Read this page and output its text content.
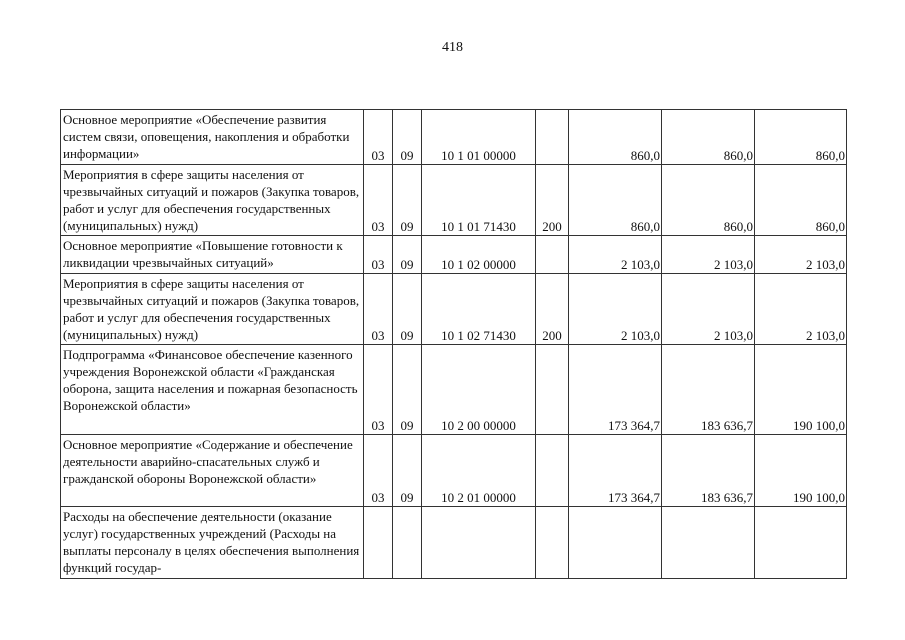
418
Основное мероприятие «Обеспечение развития систем связи, оповещения, накопления и обработки информации»	03	09	10 1 01 00000		860,0	860,0	860,0

Мероприятия в сфере защиты населения от чрезвычайных ситуаций и пожаров (Закупка товаров, работ и услуг для обеспечения государственных (муниципальных) нужд)	03	09	10 1 01 71430	200	860,0	860,0	860,0

Основное мероприятие «Повышение готовности к ликвидации чрезвычайных ситуаций»	03	09	10 1 02 00000		2 103,0	2 103,0	2 103,0

Мероприятия в сфере защиты населения от чрезвычайных ситуаций и пожаров (Закупка товаров, работ и услуг для обеспечения государственных (муниципальных) нужд)	03	09	10 1 02 71430	200	2 103,0	2 103,0	2 103,0

Подпрограмма «Финансовое обеспечение казенного учреждения Воронежской области «Гражданская оборона, защита населения и пожарная безопасность Воронежской области»	03	09	10 2 00 00000		173 364,7	183 636,7	190 100,0

Основное мероприятие «Содержание и обеспечение деятельности аварийно-спасательных служб и гражданской обороны Воронежской области»	03	09	10 2 01 00000		173 364,7	183 636,7	190 100,0

Расходы на обеспечение деятельности (оказание услуг) государственных учреждений (Расходы на выплаты персоналу в целях обеспечения выполнения функций государ-							
